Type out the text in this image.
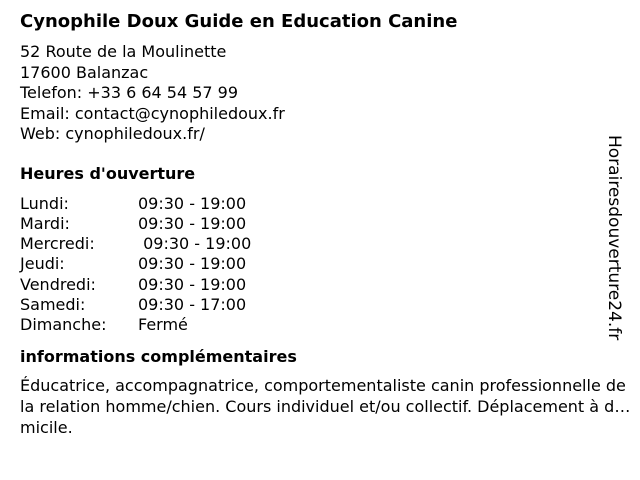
Cynophile Doux Guide en Education Canine
52 Route de la Moulinette
17600 Balanzac
Telefon: +33 6 64 54 57 99
Email: contact@cynophiledoux.fr
Web: cynophiledoux.fr/
Heures d'ouverture
Lundi:	09:30 - 19:00
Mardi:	09:30 - 19:00
Mercredi:	09:30 - 19:00
Jeudi:	09:30 - 19:00
Vendredi:	09:30 - 19:00
Samedi:	09:30 - 17:00
Dimanche:	Fermé
informations complémentaires
Éducatrice, accompagnatrice, comportementaliste canin professionnelle de la relation homme/chien. Cours individuel et/ou collectif. Déplacement à domicile.
Horairesdouverture24.fr
